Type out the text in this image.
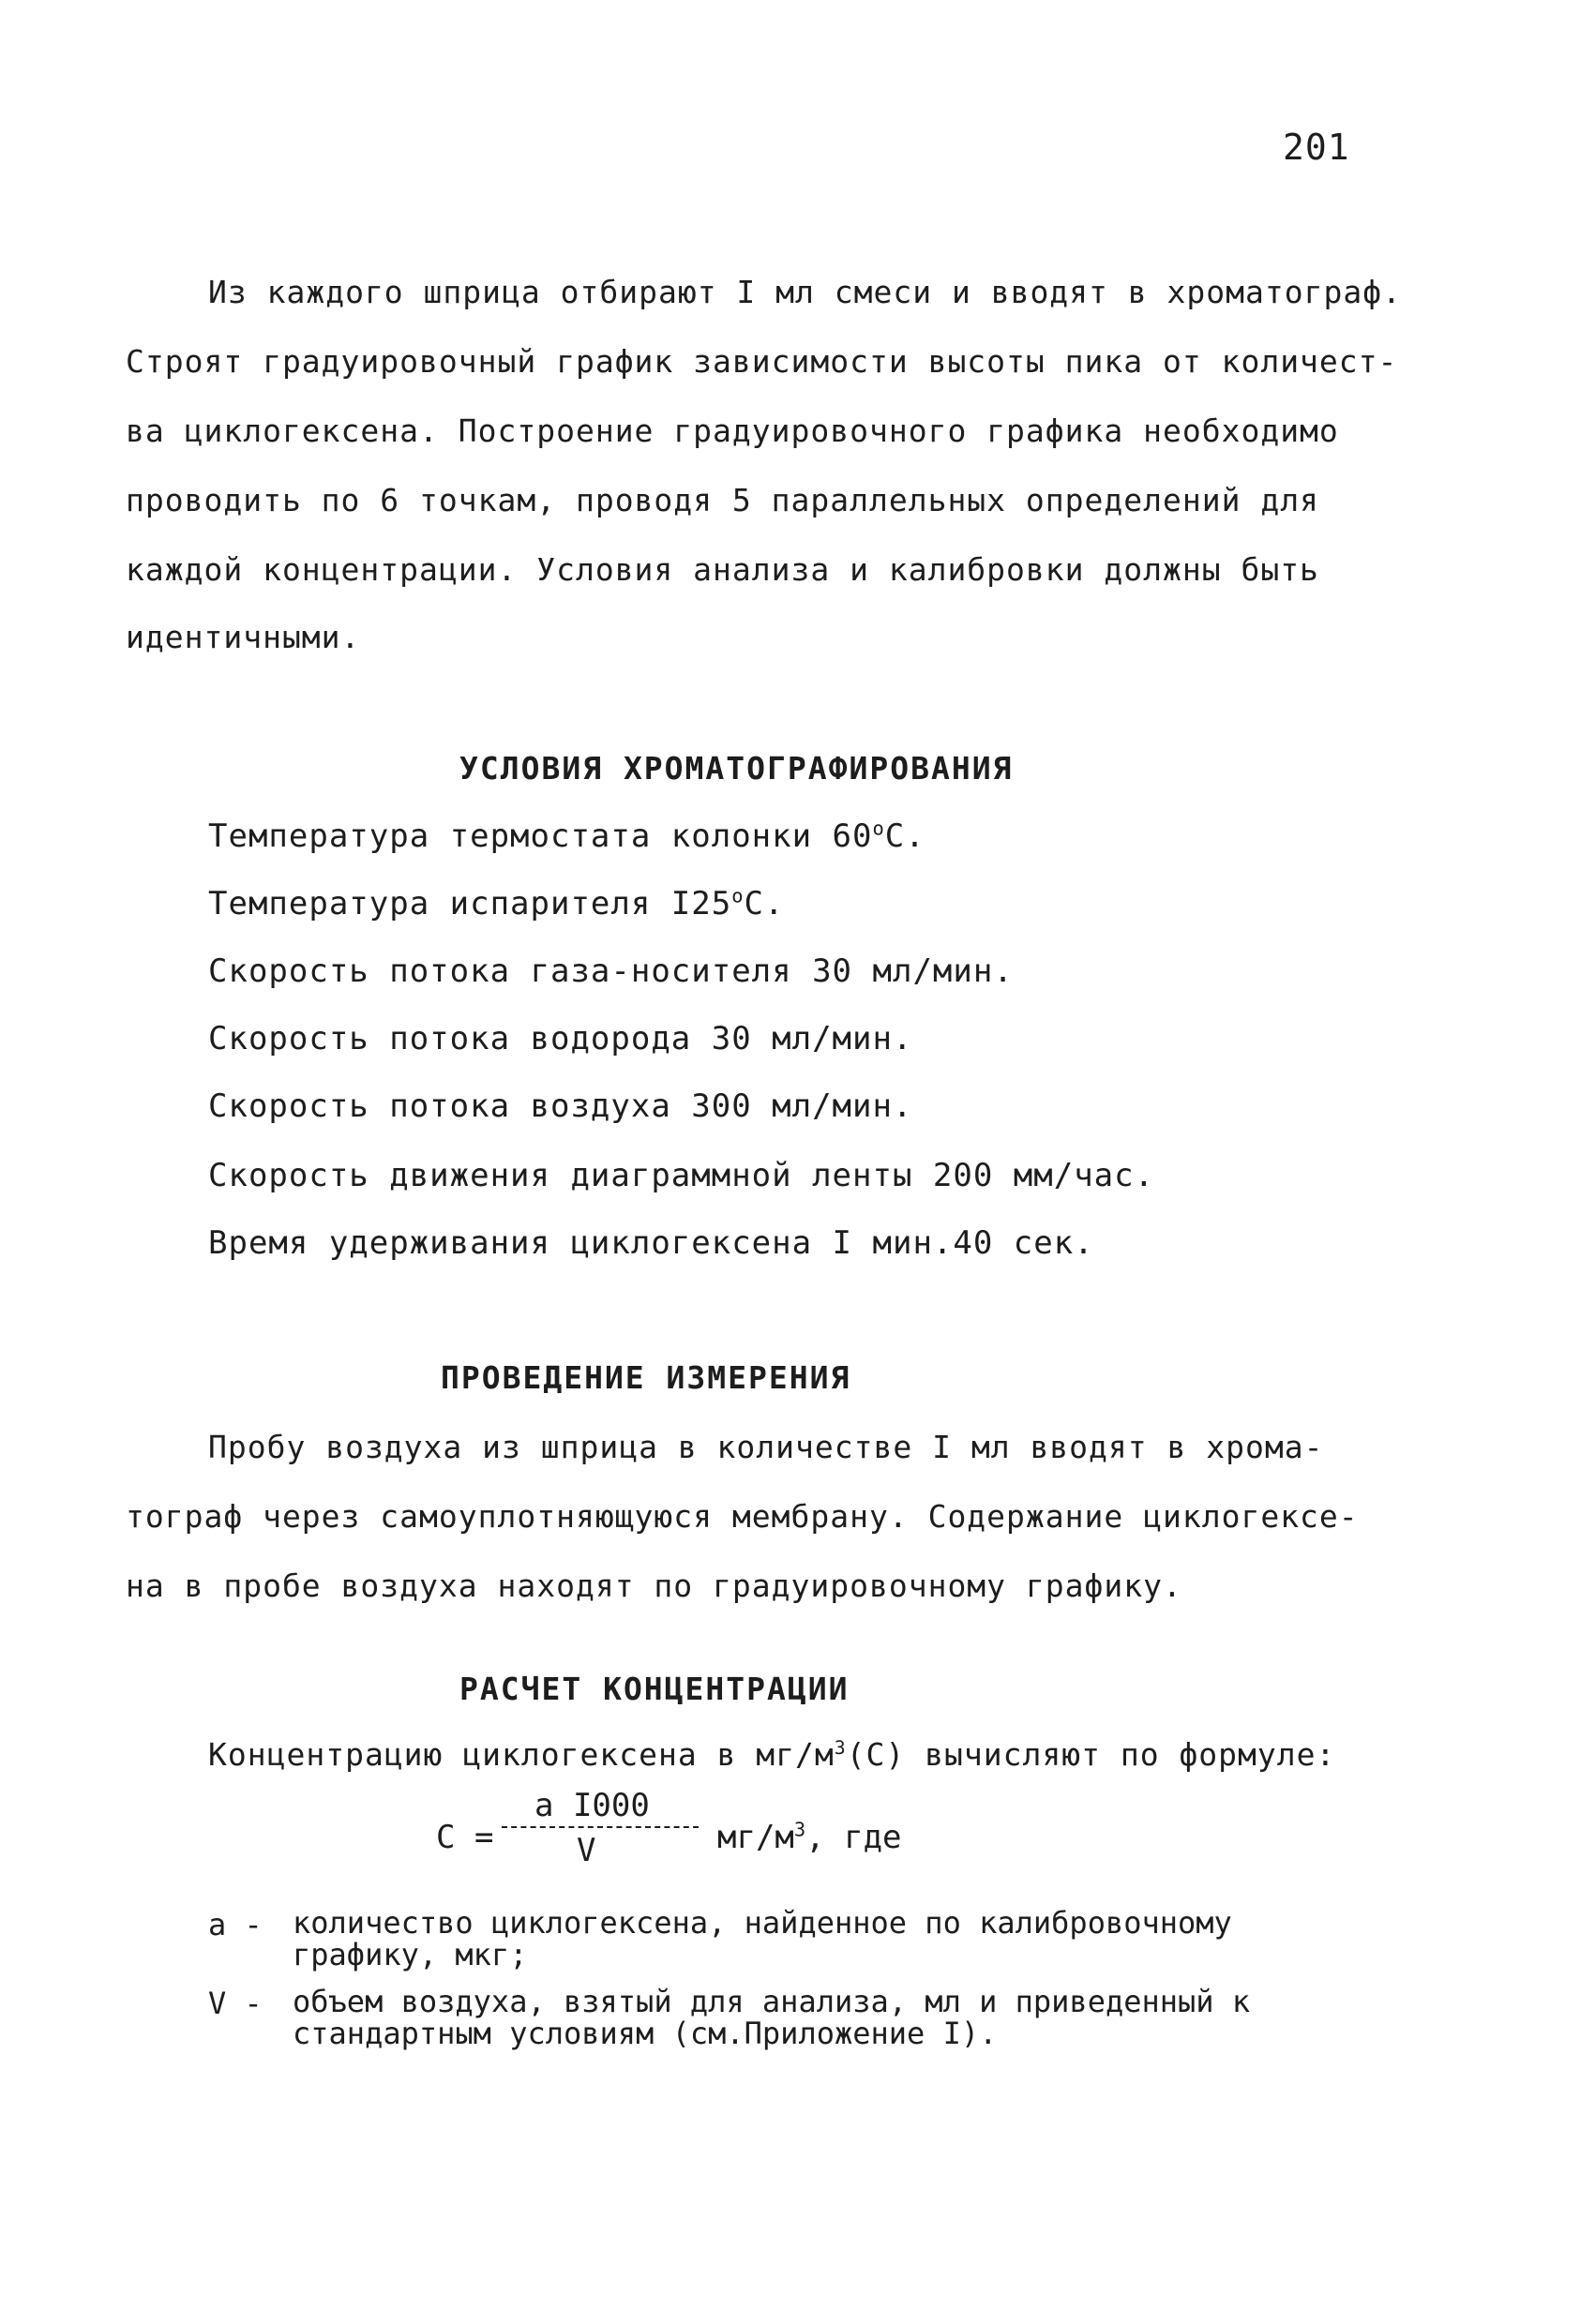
201
Из каждого шприца отбирают I мл смеси и вводят в хроматограф.
Строят градуировочный график зависимости высоты пика от количест-
ва циклогексена. Построение градуировочного графика необходимо
проводить по 6 точкам, проводя 5 параллельных определений для
каждой концентрации. Условия анализа и калибровки должны быть
идентичными.
УСЛОВИЯ ХРОМАТОГРАФИРОВАНИЯ
Температура термостата колонки $60^оС$.
Температура испарителя $I25^оС$.
Скорость потока газа-носителя 30 мл/мин.
Скорость потока водорода 30 мл/мин.
Скорость потока воздуха 300 мл/мин.
Скорость движения диаграммной ленты 200 мм/час.
Время удерживания циклогексена I мин.40 сек.
ПРОВЕДЕНИЕ ИЗМЕРЕНИЯ
Пробу воздуха из шприца в количестве I мл вводят в хрома-
тограф через самоуплотняющуюся мембрану. Содержание циклогексе-
на в пробе воздуха находят по градуировочному графику.
РАСЧЕТ КОНЦЕНТРАЦИИ
Концентрацию циклогексена в $мг/м^3(С)$ вычисляют по формуле:
С =
а I000
V	$мг/м^3$, где
а -	количество циклогексена, найденное по калибровочному
графику, мкг;
V -	объем воздуха, взятый для анализа, мл и приведенный к
стандартным условиям (см.Приложение I).
